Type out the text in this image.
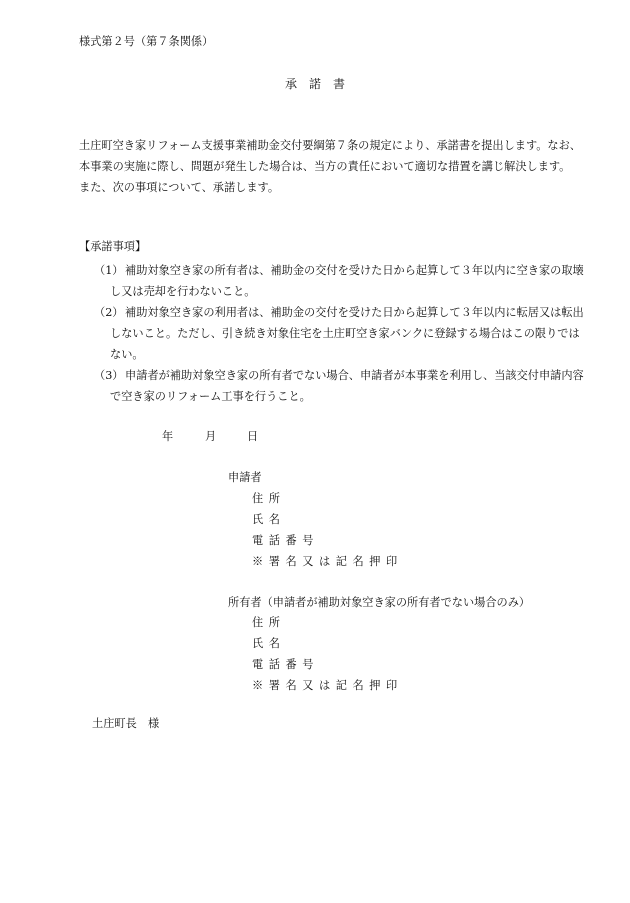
様式第２号（第７条関係）
承　諾　書
土庄町空き家リフォーム支援事業補助金交付要綱第７条の規定により、承諾書を提出します。なお、
本事業の実施に際し、問題が発生した場合は、当方の責任において適切な措置を講じ解決します。
また、次の事項について、承諾します。
【承諾事項】
（1） 補助対象空き家の所有者は、補助金の交付を受けた日から起算して３年以内に空き家の取壊
し又は売却を行わないこと。
（2） 補助対象空き家の利用者は、補助金の交付を受けた日から起算して３年以内に転居又は転出
しないこと。ただし、引き続き対象住宅を土庄町空き家バンクに登録する場合はこの限りでは
ない。
（3） 申請者が補助対象空き家の所有者でない場合、申請者が本事業を利用し、当該交付申請内容
で空き家のリフォーム工事を行うこと。
年	月	日
申請者
住 所
氏 名
電 話 番 号
※ 署 名 又 は 記 名 押 印
所有者（申請者が補助対象空き家の所有者でない場合のみ）
住 所
氏 名
電 話 番 号
※ 署 名 又 は 記 名 押 印
土庄町長　様
